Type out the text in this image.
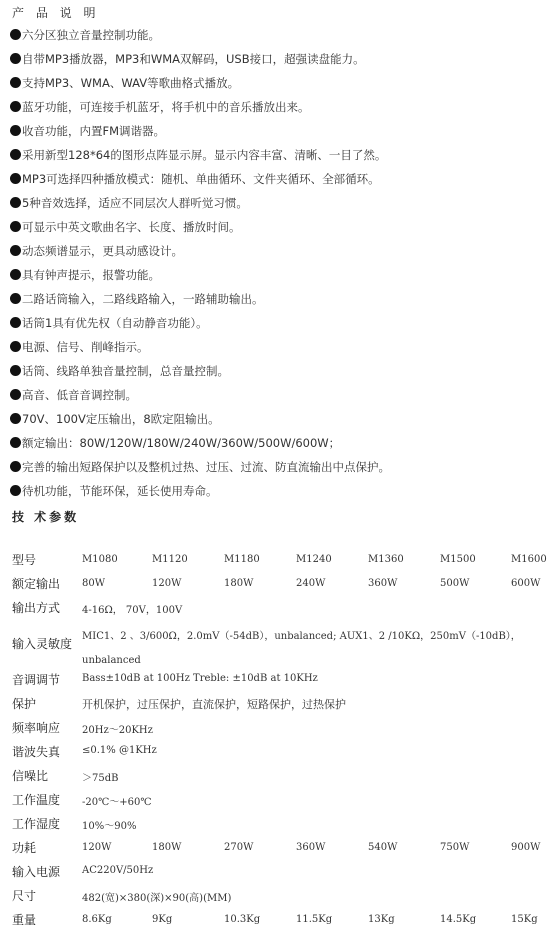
产 品 说 明
六分区独立音量控制功能。
自带MP3播放器，MP3和WMA双解码，USB接口，超强读盘能力。
支持MP3、WMA、WAV等歌曲格式播放。
蓝牙功能，可连接手机蓝牙，将手机中的音乐播放出来。
收音功能，内置FM调谐器。
采用新型128*64的图形点阵显示屏。显示内容丰富、清晰、一目了然。
MP3可选择四种播放模式：随机、单曲循环、文件夹循环、全部循环。
5种音效选择，适应不同层次人群听觉习惯。
可显示中英文歌曲名字、长度、播放时间。
动态频谱显示，更具动感设计。
具有钟声提示，报警功能。
二路话筒输入，二路线路输入，一路辅助输出。
话筒1具有优先权（自动静音功能）。
电源、信号、削峰指示。
话筒、线路单独音量控制，总音量控制。
高音、低音音调控制。
70V、100V定压输出，8欧定阻输出。
额定输出：80W/120W/180W/240W/360W/500W/600W；
完善的输出短路保护以及整机过热、过压、过流、防直流输出中点保护。
待机功能，节能环保，延长使用寿命。
技 术参数
型号	M1080	M1120	M1180	M1240	M1360	M1500	M1600
额定输出 80W	120W	180W	240W	360W	500W	600W
输出方式 4-16Ω， 70V，100V
输入灵敏度
MIC1、2 、3/600Ω，2.0mV（-54dB），unbalanced; AUX1、2 /10KΩ，250mV（-10dB），unbalanced
音调调节 Bass±10dB at 100Hz Treble: ±10dB at 10KHz
保护	开机保护，过压保护，直流保护，短路保护，过热保护
频率响应 20Hz～20KHz
谐波失真 ≤0.1% @1KHz
信噪比	＞75dB
工作温度 -20℃～+60℃
工作湿度 10%～90%
功耗	120W	180W	270W	360W	540W	750W	900W
输入电源 AC220V/50Hz
尺寸	482(宽)×380(深)×90(高)(MM)
重量	8.6Kg	9Kg	10.3Kg	11.5Kg	13Kg	14.5Kg	15Kg
